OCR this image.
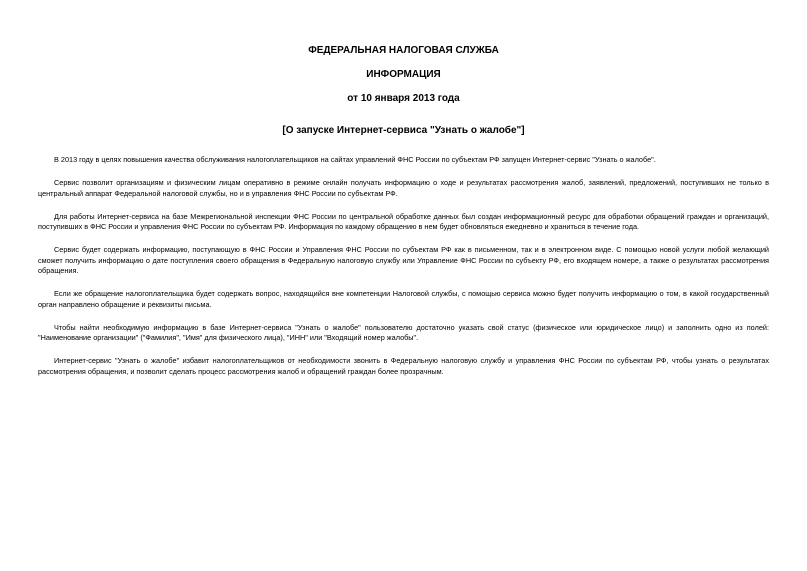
ФЕДЕРАЛЬНАЯ НАЛОГОВАЯ СЛУЖБА

ИНФОРМАЦИЯ

от 10 января 2013 года

[О запуске Интернет-сервиса "Узнать о жалобе"]

В 2013 году в целях повышения качества обслуживания налогоплательщиков на сайтах управлений ФНС России по субъектам РФ запущен Интернет-сервис "Узнать о жалобе".

Сервис позволит организациям и физическим лицам оперативно в режиме онлайн получать информацию о ходе и результатах рассмотрения жалоб, заявлений, предложений, поступивших не только в центральный аппарат Федеральной налоговой службы, но и в управления ФНС России по субъектам РФ.

Для работы Интернет-сервиса на базе Межрегиональной инспекции ФНС России по центральной обработке данных был создан информационный ресурс для обработки обращений граждан и организаций, поступивших в ФНС России и управления ФНС России по субъектам РФ. Информация по каждому обращению в нем будет обновляться ежедневно и храниться в течение года.

Сервис будет содержать информацию, поступающую в ФНС России и Управления ФНС России по субъектам РФ как в письменном, так и в электронном виде. С помощью новой услуги любой желающий сможет получить информацию о дате поступления своего обращения в Федеральную налоговую службу или Управление ФНС России по субъекту РФ, его входящем номере, а также о результатах рассмотрения обращения.

Если же обращение налогоплательщика будет содержать вопрос, находящийся вне компетенции Налоговой службы, с помощью сервиса можно будет получить информацию о том, в какой государственный орган направлено обращение и реквизиты письма.

Чтобы найти необходимую информацию в базе Интернет-сервиса "Узнать о жалобе" пользователю достаточно указать свой статус (физическое или юридическое лицо) и заполнить одно из полей: "Наименование организации" ("Фамилия", "Имя" для физического лица), "ИНН" или "Входящий номер жалобы".

Интернет-сервис "Узнать о жалобе" избавит налогоплательщиков от необходимости звонить в Федеральную налоговую службу и управления ФНС России по субъектам РФ, чтобы узнать о результатах рассмотрения обращения, и позволит сделать процесс рассмотрения жалоб и обращений граждан более прозрачным.
